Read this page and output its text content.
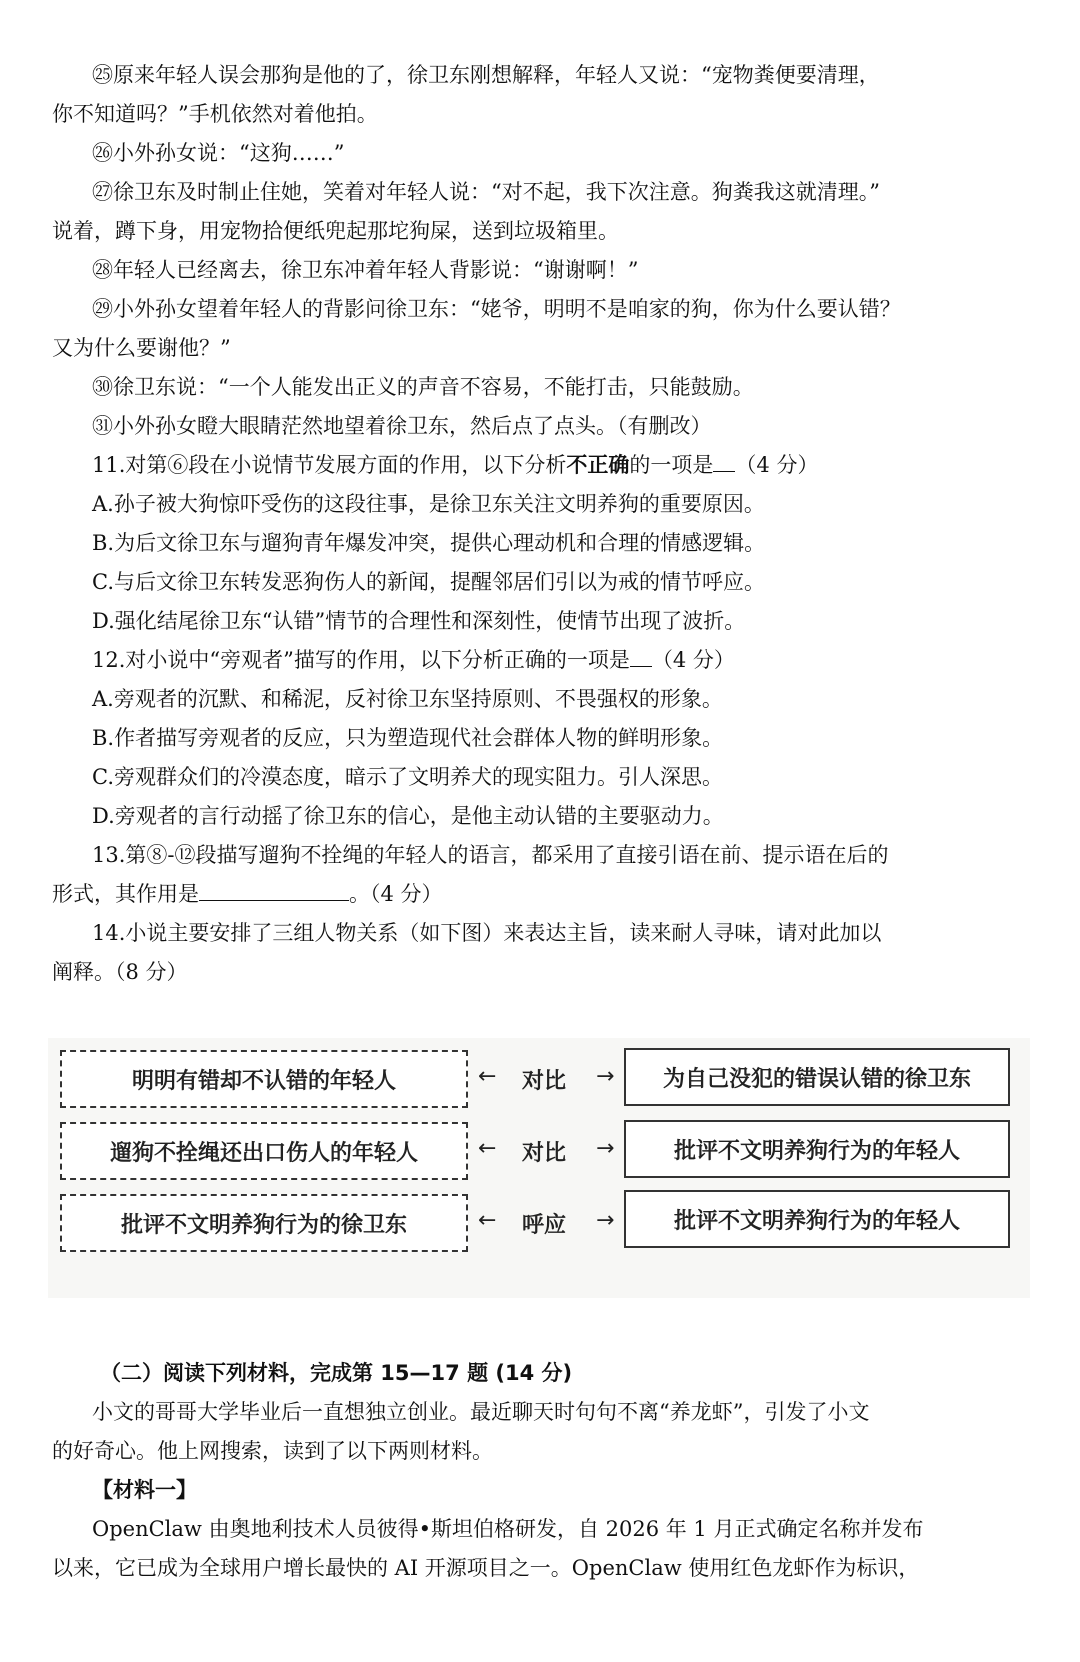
㉕原来年轻人误会那狗是他的了，徐卫东刚想解释，年轻人又说：“宠物粪便要清理，
你不知道吗？”手机依然对着他拍。
㉖小外孙女说：“这狗……”
㉗徐卫东及时制止住她，笑着对年轻人说：“对不起，我下次注意。狗粪我这就清理。”
说着，蹲下身，用宠物拾便纸兜起那坨狗屎，送到垃圾箱里。
㉘年轻人已经离去，徐卫东冲着年轻人背影说：“谢谢啊！”
㉙小外孙女望着年轻人的背影问徐卫东：“姥爷，明明不是咱家的狗，你为什么要认错？
又为什么要谢他？”
㉚徐卫东说：“一个人能发出正义的声音不容易，不能打击，只能鼓励。
㉛小外孙女瞪大眼睛茫然地望着徐卫东，然后点了点头。（有删改）
11.对第⑥段在小说情节发展方面的作用，以下分析不正确的一项是 （4 分）
A.孙子被大狗惊吓受伤的这段往事，是徐卫东关注文明养狗的重要原因。
B.为后文徐卫东与遛狗青年爆发冲突，提供心理动机和合理的情感逻辑。
C.与后文徐卫东转发恶狗伤人的新闻，提醒邻居们引以为戒的情节呼应。
D.强化结尾徐卫东“认错”情节的合理性和深刻性，使情节出现了波折。
12.对小说中“旁观者”描写的作用，以下分析正确的一项是 （4 分）
A.旁观者的沉默、和稀泥，反衬徐卫东坚持原则、不畏强权的形象。
B.作者描写旁观者的反应，只为塑造现代社会群体人物的鲜明形象。
C.旁观群众们的冷漠态度，暗示了文明养犬的现实阻力。引人深思。
D.旁观者的言行动摇了徐卫东的信心，是他主动认错的主要驱动力。
13.第⑧-⑫段描写遛狗不拴绳的年轻人的语言，都采用了直接引语在前、提示语在后的
形式，其作用是	。（4 分）
14.小说主要安排了三组人物关系（如下图）来表达主旨，读来耐人寻味，请对此加以
阐释。（8 分）
明明有错却不认错的年轻人	← 对比 →	为自己没犯的错误认错的徐卫东
遛狗不拴绳还出口伤人的年轻人	← 对比 →	批评不文明养狗行为的年轻人
批评不文明养狗行为的徐卫东	← 呼应 →	批评不文明养狗行为的年轻人
（二）阅读下列材料，完成第 15—17 题 (14 分)
小文的哥哥大学毕业后一直想独立创业。最近聊天时句句不离“养龙虾”，引发了小文
的好奇心。他上网搜索，读到了以下两则材料。
【材料一】
OpenClaw 由奥地利技术人员彼得•斯坦伯格研发，自 2026 年 1 月正式确定名称并发布
以来，它已成为全球用户增长最快的 AI 开源项目之一。OpenClaw 使用红色龙虾作为标识，
